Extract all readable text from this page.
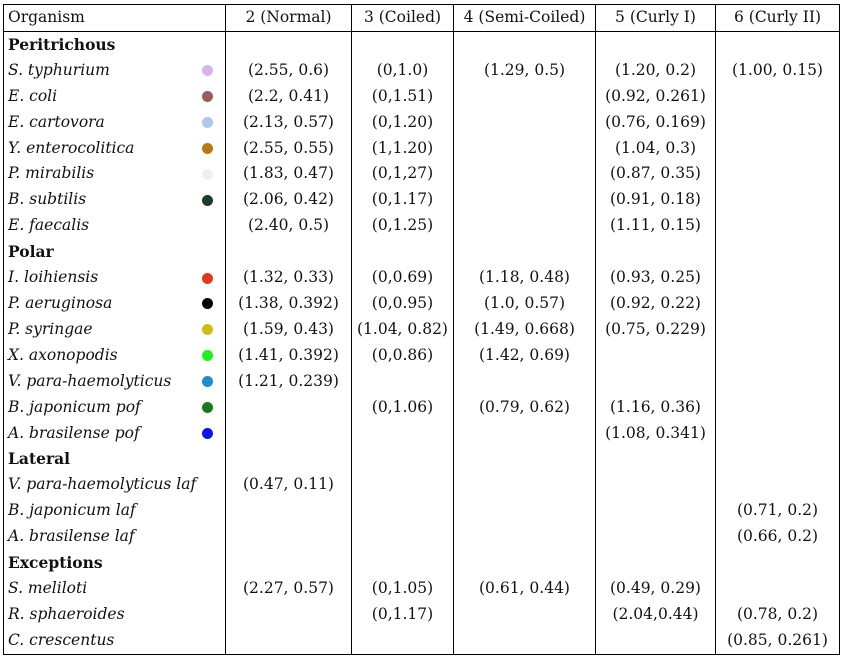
Organism	2 (Normal)	3 (Coiled)	4 (Semi-Coiled)	5 (Curly I)	6 (Curly II)
Peritrichous					
S. typhurium	(2.55, 0.6)	(0,1.0)	(1.29, 0.5)	(1.20, 0.2)	(1.00, 0.15)
E. coli	(2.2, 0.41)	(0,1.51)		(0.92, 0.261)	
E. cartovora	(2.13, 0.57)	(0,1.20)		(0.76, 0.169)	
Y. enterocolitica	(2.55, 0.55)	(1,1.20)		(1.04, 0.3)	
P. mirabilis	(1.83, 0.47)	(0,1,27)		(0.87, 0.35)	
B. subtilis	(2.06, 0.42)	(0,1.17)		(0.91, 0.18)	
E. faecalis	(2.40, 0.5)	(0,1.25)		(1.11, 0.15)	
Polar					
I. loihiensis	(1.32, 0.33)	(0,0.69)	(1.18, 0.48)	(0.93, 0.25)	
P. aeruginosa	(1.38, 0.392)	(0,0.95)	(1.0, 0.57)	(0.92, 0.22)	
P. syringae	(1.59, 0.43)	(1.04, 0.82)	(1.49, 0.668)	(0.75, 0.229)	
X. axonopodis	(1.41, 0.392)	(0,0.86)	(1.42, 0.69)		
V. para-haemolyticus	(1.21, 0.239)				
B. japonicum pof		(0,1.06)	(0.79, 0.62)	(1.16, 0.36)	
A. brasilense pof				(1.08, 0.341)	
Lateral					
V. para-haemolyticus laf	(0.47, 0.11)				
B. japonicum laf					(0.71, 0.2)
A. brasilense laf					(0.66, 0.2)
Exceptions					
S. meliloti	(2.27, 0.57)	(0,1.05)	(0.61, 0.44)	(0.49, 0.29)	
R. sphaeroides		(0,1.17)		(2.04,0.44)	(0.78, 0.2)
C. crescentus					(0.85, 0.261)
